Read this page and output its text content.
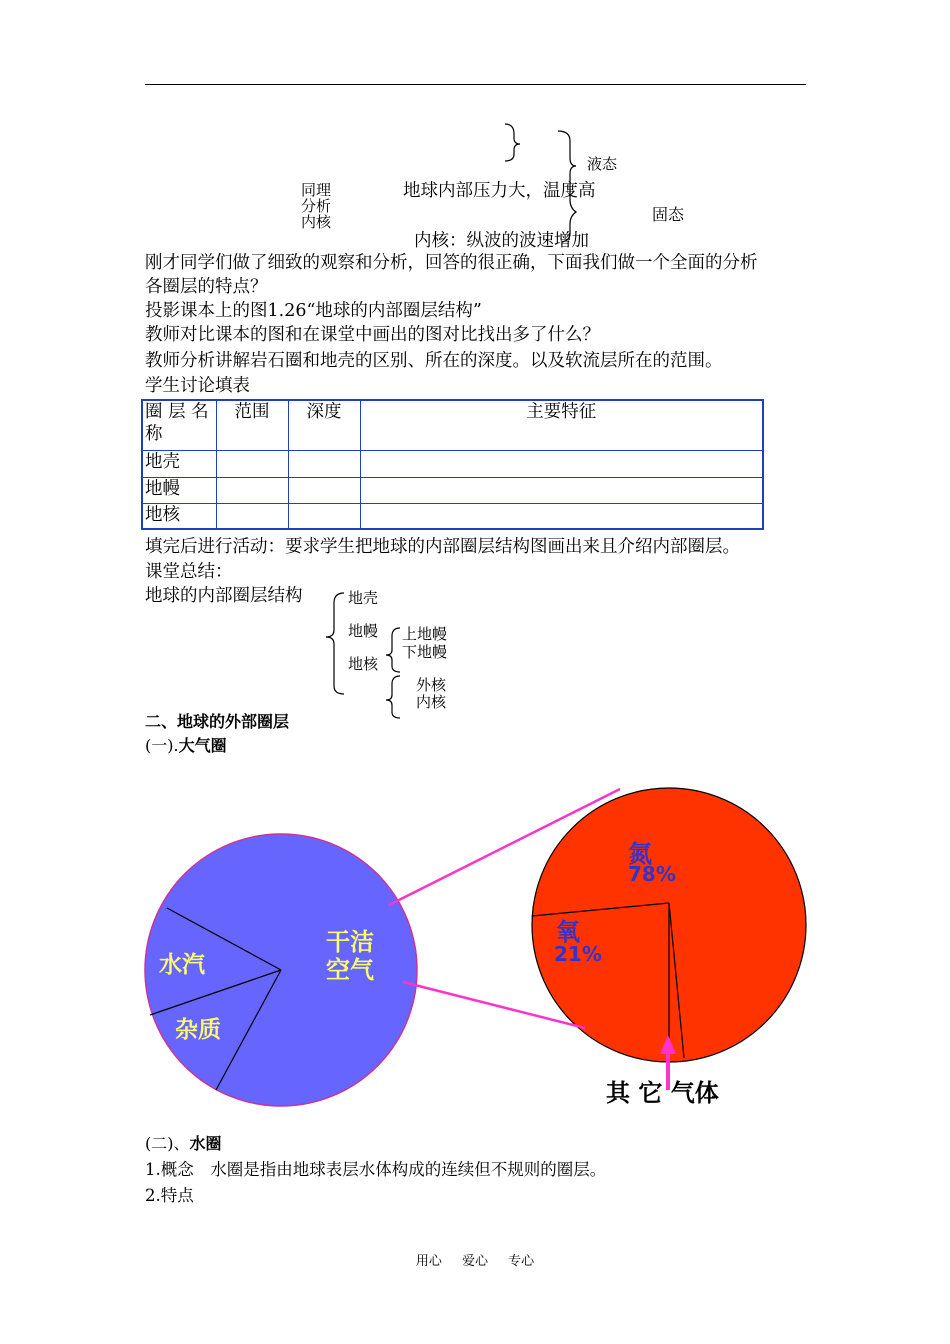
液态
地球内部压力大，温度高
同理
分析
内核	固态
内核：纵波的波速增加
刚才同学们做了细致的观察和分析，回答的很正确，下面我们做一个全面的分析
各圈层的特点？
投影课本上的图1.26“地球的内部圈层结构”
教师对比课本的图和在课堂中画出的图对比找出多了什么？
教师分析讲解岩石圈和地壳的区别、所在的深度。以及软流层所在的范围。
学生讨论填表
圈 层 名称	范围	深度	主要特征
地壳			
地幔			
地核			
填完后进行活动：要求学生把地球的内部圈层结构图画出来且介绍内部圈层。
课堂总结：
地球的内部圈层结构	地壳
地幔
地核
上地幔
下地幔
外核
内核
二、地球的外部圈层
(一).大气圈
水汽
杂质
干洁空气
氮
78%
氧
21%
其 它 气体
(二)、水圈
1.概念　水圈是指由地球表层水体构成的连续但不规则的圈层。
2.特点
用心 爱心 专心
